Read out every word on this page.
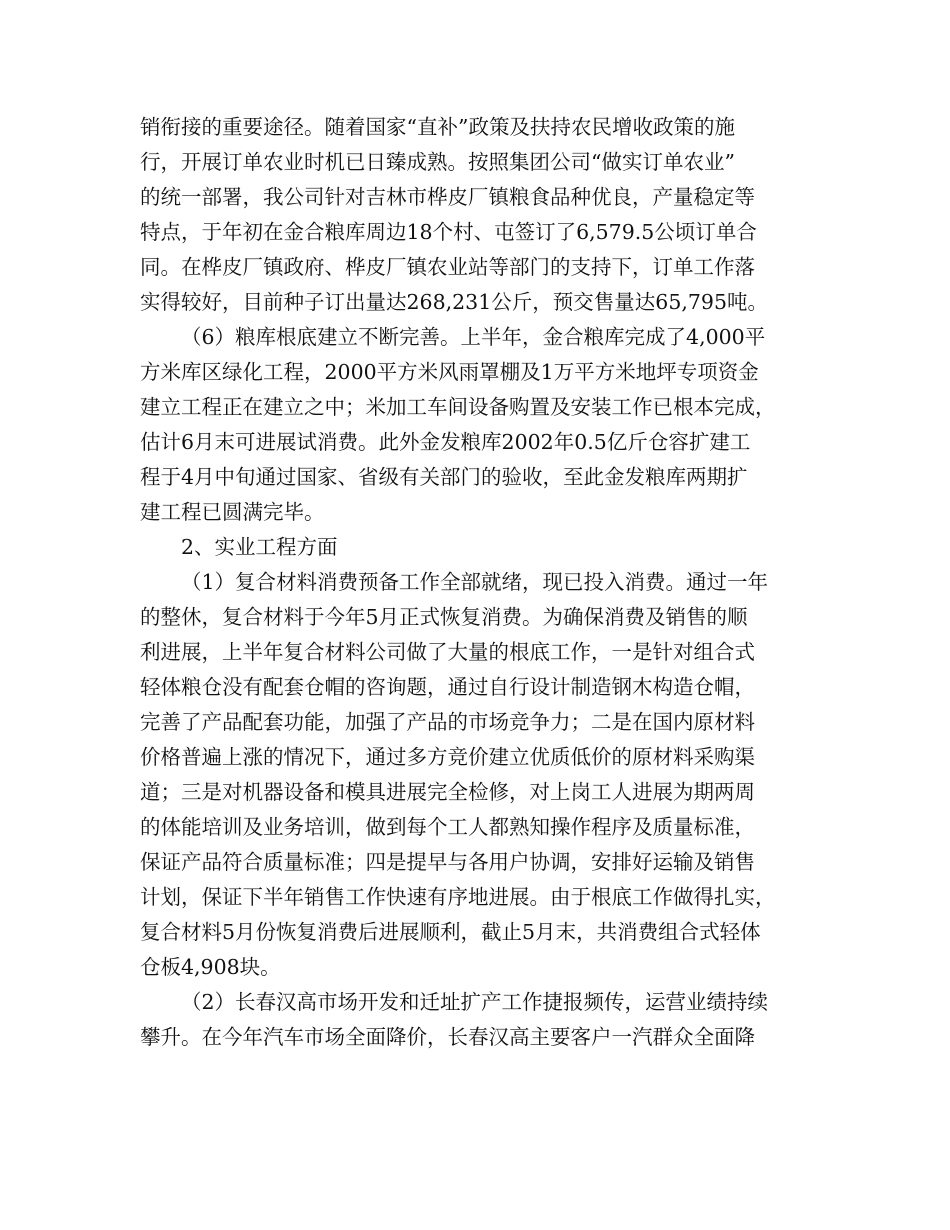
销衔接的重要途径。随着国家“直补”政策及扶持农民增收政策的施
行，开展订单农业时机已日臻成熟。按照集团公司“做实订单农业”
的统一部署，我公司针对吉林市桦皮厂镇粮食品种优良，产量稳定等
特点，于年初在金合粮库周边18个村、屯签订了6,579.5公顷订单合
同。在桦皮厂镇政府、桦皮厂镇农业站等部门的支持下，订单工作落
实得较好，目前种子订出量达268,231公斤，预交售量达65,795吨。
（6）粮库根底建立不断完善。上半年，金合粮库完成了4,000平
方米库区绿化工程，2000平方米风雨罩棚及1万平方米地坪专项资金
建立工程正在建立之中；米加工车间设备购置及安装工作已根本完成，
估计6月末可进展试消费。此外金发粮库2002年0.5亿斤仓容扩建工
程于4月中旬通过国家、省级有关部门的验收，至此金发粮库两期扩
建工程已圆满完毕。
2、实业工程方面
（1）复合材料消费预备工作全部就绪，现已投入消费。通过一年
的整休，复合材料于今年5月正式恢复消费。为确保消费及销售的顺
利进展，上半年复合材料公司做了大量的根底工作，一是针对组合式
轻体粮仓没有配套仓帽的咨询题，通过自行设计制造钢木构造仓帽，
完善了产品配套功能，加强了产品的市场竞争力；二是在国内原材料
价格普遍上涨的情况下，通过多方竞价建立优质低价的原材料采购渠
道；三是对机器设备和模具进展完全检修，对上岗工人进展为期两周
的体能培训及业务培训，做到每个工人都熟知操作程序及质量标准，
保证产品符合质量标准；四是提早与各用户协调，安排好运输及销售
计划，保证下半年销售工作快速有序地进展。由于根底工作做得扎实，
复合材料5月份恢复消费后进展顺利，截止5月末，共消费组合式轻体
仓板4,908块。
（2）长春汉高市场开发和迁址扩产工作捷报频传，运营业绩持续
攀升。在今年汽车市场全面降价，长春汉高主要客户一汽群众全面降
